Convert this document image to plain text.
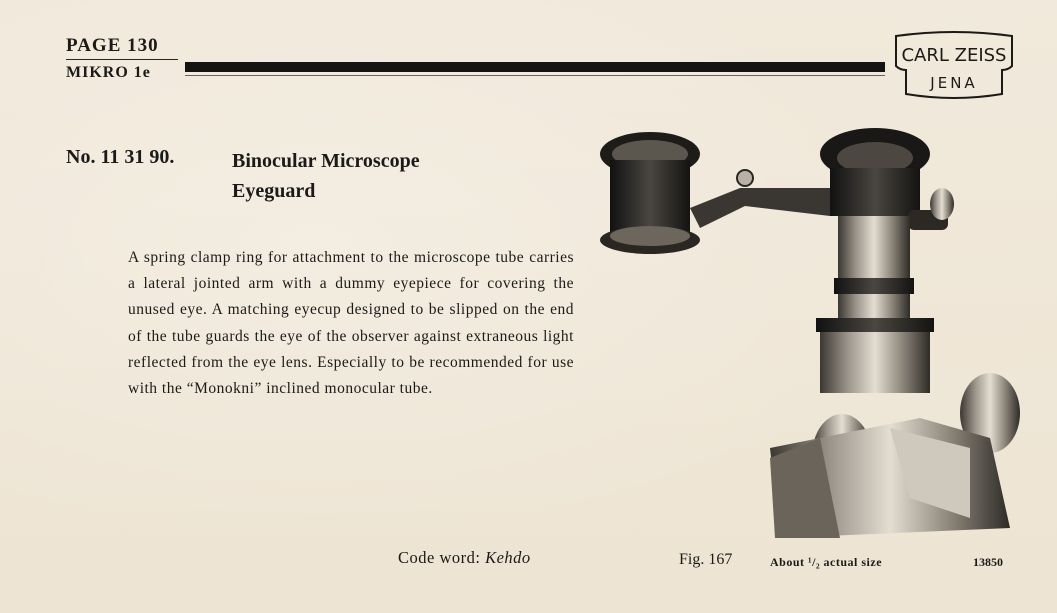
PAGE 130
MIKRO 1e
CARL ZEISS
JENA
No. 11 31 90.	Binocular Microscope
Eyeguard
A spring clamp ring for attachment to the microscope tube carries a lateral jointed arm with a dummy eyepiece for covering the unused eye. A matching eyecup designed to be slipped on the end of the tube guards the eye of the observer against extraneous light reflected from the eye lens. Especially to be recommended for use with the “Monokni” inclined monocular tube.
Code word: Kehdo	Fig. 167	About ¹/₂ actual size	13850
